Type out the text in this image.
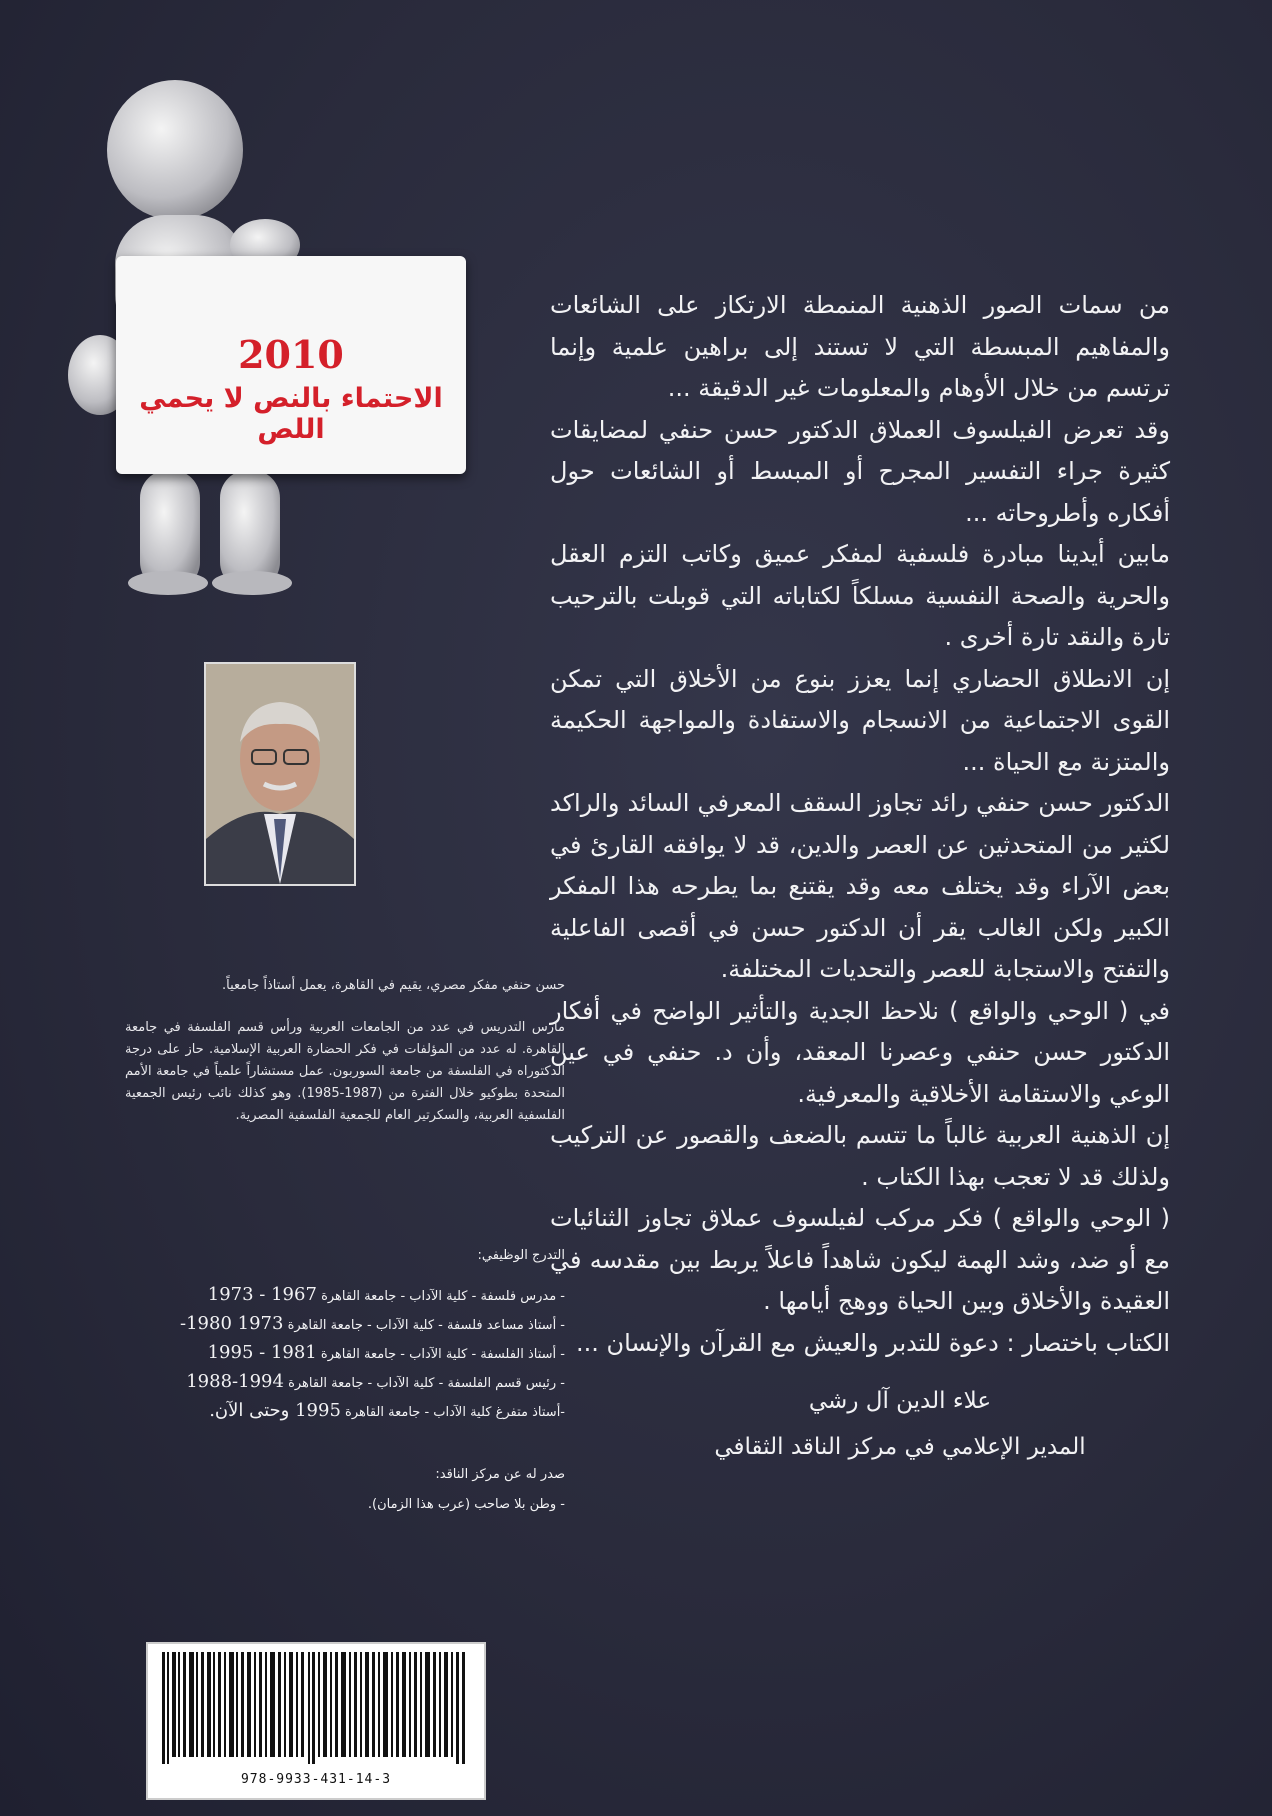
2010
الاحتماء بالنص لا يحمي اللص

من سمات الصور الذهنية المنمطة الارتكاز على الشائعات والمفاهيم المبسطة التي لا تستند إلى براهين علمية وإنما ترتسم من خلال الأوهام والمعلومات غير الدقيقة ...

وقد تعرض الفيلسوف العملاق الدكتور حسن حنفي لمضايقات كثيرة جراء التفسير المجرح أو المبسط أو الشائعات حول أفكاره وأطروحاته ...

مابين أيدينا مبادرة فلسفية لمفكر عميق وكاتب التزم العقل والحرية والصحة النفسية مسلكاً لكتاباته التي قوبلت بالترحيب تارة والنقد تارة أخرى .

إن الانطلاق الحضاري إنما يعزز بنوع من الأخلاق التي تمكن القوى الاجتماعية من الانسجام والاستفادة والمواجهة الحكيمة والمتزنة مع الحياة ...

الدكتور حسن حنفي رائد تجاوز السقف المعرفي السائد والراكد لكثير من المتحدثين عن العصر والدين، قد لا يوافقه القارئ في بعض الآراء وقد يختلف معه وقد يقتنع بما يطرحه هذا المفكر الكبير ولكن الغالب يقر أن الدكتور حسن في أقصى الفاعلية والتفتح والاستجابة للعصر والتحديات المختلفة.

في ( الوحي والواقع ) نلاحظ الجدية والتأثير الواضح في أفكار الدكتور حسن حنفي وعصرنا المعقد، وأن د. حنفي في عين الوعي والاستقامة الأخلاقية والمعرفية.

إن الذهنية العربية غالباً ما تتسم بالضعف والقصور عن التركيب ولذلك قد لا تعجب بهذا الكتاب .

( الوحي والواقع ) فكر مركب لفيلسوف عملاق تجاوز الثنائيات مع أو ضد، وشد الهمة ليكون شاهداً فاعلاً يربط بين مقدسه في العقيدة والأخلاق وبين الحياة ووهج أيامها .

الكتاب باختصار : دعوة للتدبر والعيش مع القرآن والإنسان ...

علاء الدين آل رشي
المدير الإعلامي في مركز الناقد الثقافي

حسن حنفي مفكر مصري، يقيم في القاهرة، يعمل أستاذاً جامعياً.

مارس التدريس في عدد من الجامعات العربية ورأس قسم الفلسفة في جامعة القاهرة. له عدد من المؤلفات في فكر الحضارة العربية الإسلامية. حاز على درجة الدكتوراه في الفلسفة من جامعة السوربون. عمل مستشاراً علمياً في جامعة الأمم المتحدة بطوكيو خلال الفترة من (1987-1985). وهو كذلك نائب رئيس الجمعية الفلسفية العربية، والسكرتير العام للجمعية الفلسفية المصرية.

التدرج الوظيفي:
- مدرس فلسفة - كلية الآداب - جامعة القاهرة 1967 - 1973
- أستاذ مساعد فلسفة - كلية الآداب - جامعة القاهرة 1973 1980-
- أستاذ الفلسفة - كلية الآداب - جامعة القاهرة 1981 - 1995
- رئيس قسم الفلسفة - كلية الآداب - جامعة القاهرة 1994-1988
-أستاذ متفرغ كلية الآداب - جامعة القاهرة 1995 وحتى الآن.
صدر له عن مركز الناقد:
- وطن بلا صاحب (عرب هذا الزمان).
978-9933-431-14-3
